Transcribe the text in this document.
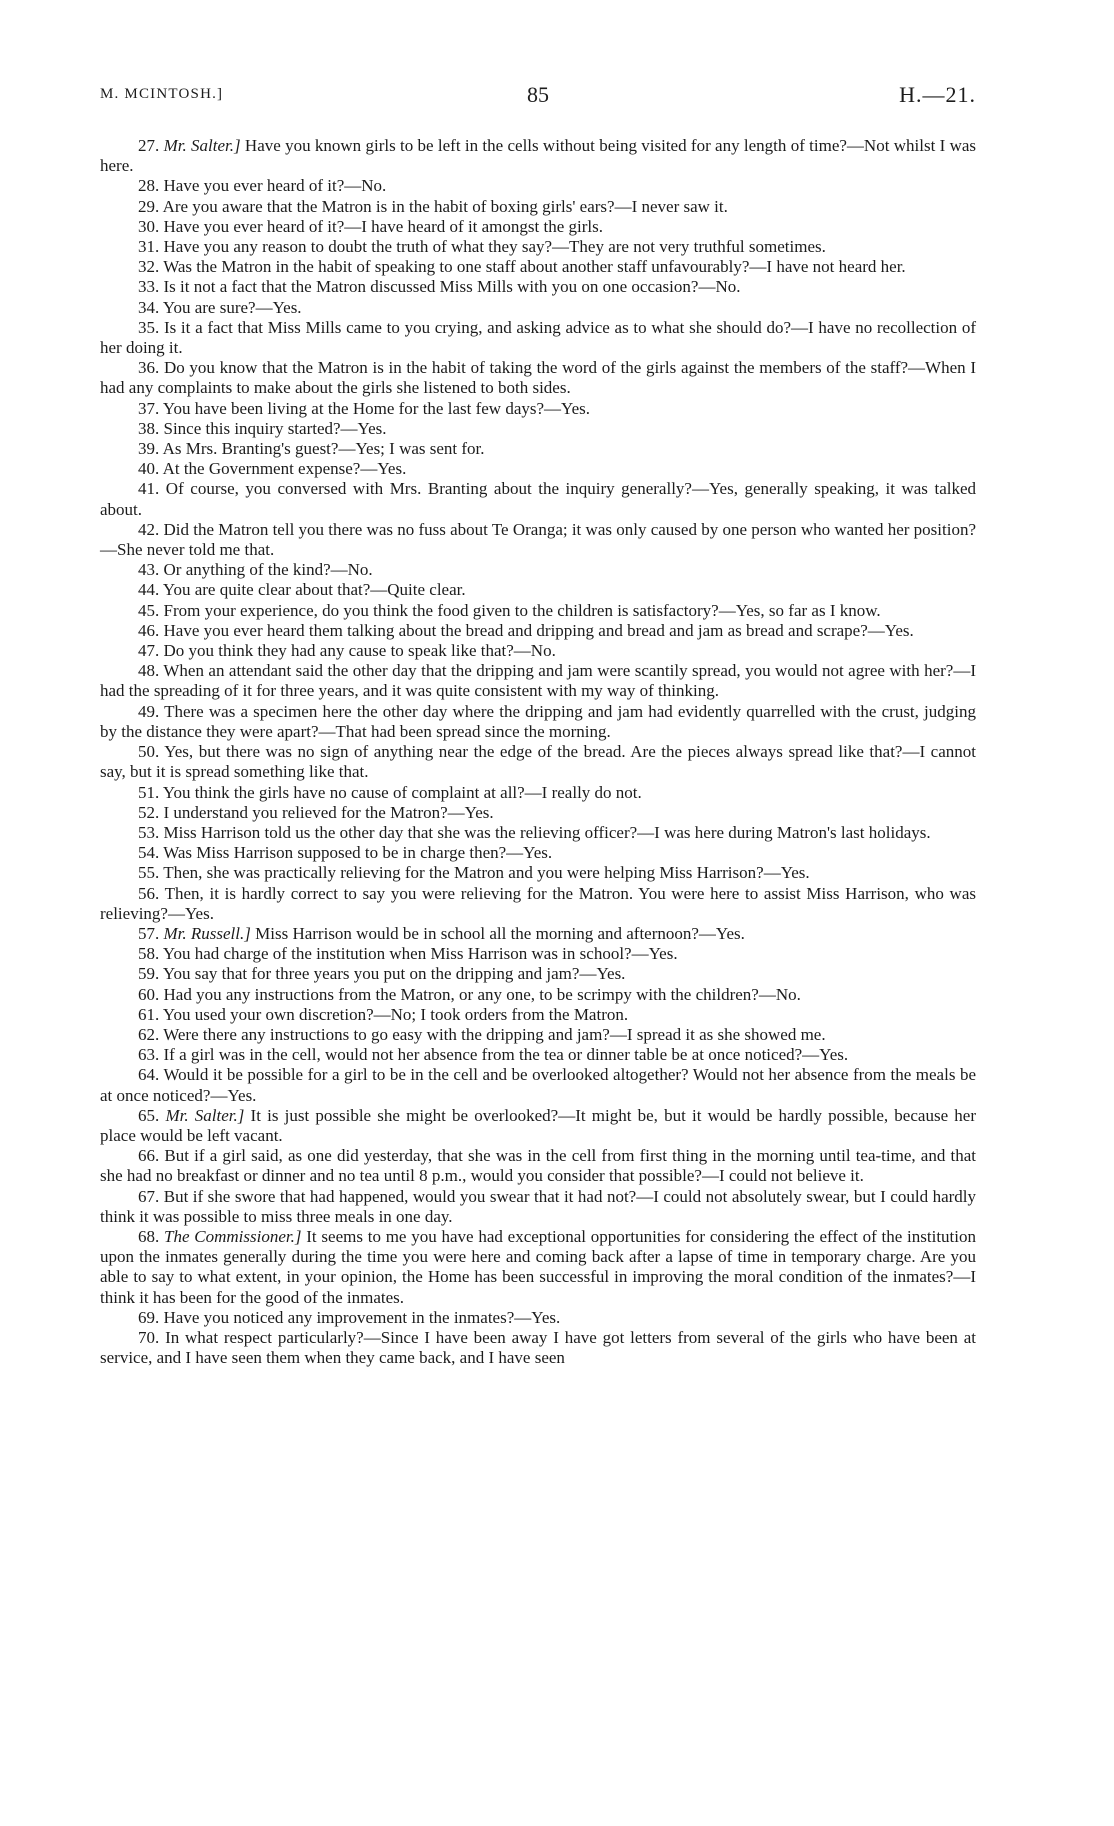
M. MCINTOSH.]	85	H.—21.

27. Mr. Salter.] Have you known girls to be left in the cells without being visited for any length of time?—Not whilst I was here.

28. Have you ever heard of it?—No.

29. Are you aware that the Matron is in the habit of boxing girls' ears?—I never saw it.

30. Have you ever heard of it?—I have heard of it amongst the girls.

31. Have you any reason to doubt the truth of what they say?—They are not very truthful sometimes.

32. Was the Matron in the habit of speaking to one staff about another staff unfavourably?—I have not heard her.

33. Is it not a fact that the Matron discussed Miss Mills with you on one occasion?—No.

34. You are sure?—Yes.

35. Is it a fact that Miss Mills came to you crying, and asking advice as to what she should do?—I have no recollection of her doing it.

36. Do you know that the Matron is in the habit of taking the word of the girls against the members of the staff?—When I had any complaints to make about the girls she listened to both sides.

37. You have been living at the Home for the last few days?—Yes.

38. Since this inquiry started?—Yes.

39. As Mrs. Branting's guest?—Yes; I was sent for.

40. At the Government expense?—Yes.

41. Of course, you conversed with Mrs. Branting about the inquiry generally?—Yes, generally speaking, it was talked about.

42. Did the Matron tell you there was no fuss about Te Oranga; it was only caused by one person who wanted her position?—She never told me that.

43. Or anything of the kind?—No.

44. You are quite clear about that?—Quite clear.

45. From your experience, do you think the food given to the children is satisfactory?—Yes, so far as I know.

46. Have you ever heard them talking about the bread and dripping and bread and jam as bread and scrape?—Yes.

47. Do you think they had any cause to speak like that?—No.

48. When an attendant said the other day that the dripping and jam were scantily spread, you would not agree with her?—I had the spreading of it for three years, and it was quite consistent with my way of thinking.

49. There was a specimen here the other day where the dripping and jam had evidently quarrelled with the crust, judging by the distance they were apart?—That had been spread since the morning.

50. Yes, but there was no sign of anything near the edge of the bread. Are the pieces always spread like that?—I cannot say, but it is spread something like that.

51. You think the girls have no cause of complaint at all?—I really do not.

52. I understand you relieved for the Matron?—Yes.

53. Miss Harrison told us the other day that she was the relieving officer?—I was here during Matron's last holidays.

54. Was Miss Harrison supposed to be in charge then?—Yes.

55. Then, she was practically relieving for the Matron and you were helping Miss Harrison?—Yes.

56. Then, it is hardly correct to say you were relieving for the Matron. You were here to assist Miss Harrison, who was relieving?—Yes.

57. Mr. Russell.] Miss Harrison would be in school all the morning and afternoon?—Yes.

58. You had charge of the institution when Miss Harrison was in school?—Yes.

59. You say that for three years you put on the dripping and jam?—Yes.

60. Had you any instructions from the Matron, or any one, to be scrimpy with the children?—No.

61. You used your own discretion?—No; I took orders from the Matron.

62. Were there any instructions to go easy with the dripping and jam?—I spread it as she showed me.

63. If a girl was in the cell, would not her absence from the tea or dinner table be at once noticed?—Yes.

64. Would it be possible for a girl to be in the cell and be overlooked altogether? Would not her absence from the meals be at once noticed?—Yes.

65. Mr. Salter.] It is just possible she might be overlooked?—It might be, but it would be hardly possible, because her place would be left vacant.

66. But if a girl said, as one did yesterday, that she was in the cell from first thing in the morning until tea-time, and that she had no breakfast or dinner and no tea until 8 p.m., would you consider that possible?—I could not believe it.

67. But if she swore that had happened, would you swear that it had not?—I could not absolutely swear, but I could hardly think it was possible to miss three meals in one day.

68. The Commissioner.] It seems to me you have had exceptional opportunities for considering the effect of the institution upon the inmates generally during the time you were here and coming back after a lapse of time in temporary charge. Are you able to say to what extent, in your opinion, the Home has been successful in improving the moral condition of the inmates?—I think it has been for the good of the inmates.

69. Have you noticed any improvement in the inmates?—Yes.

70. In what respect particularly?—Since I have been away I have got letters from several of the girls who have been at service, and I have seen them when they came back, and I have seen
